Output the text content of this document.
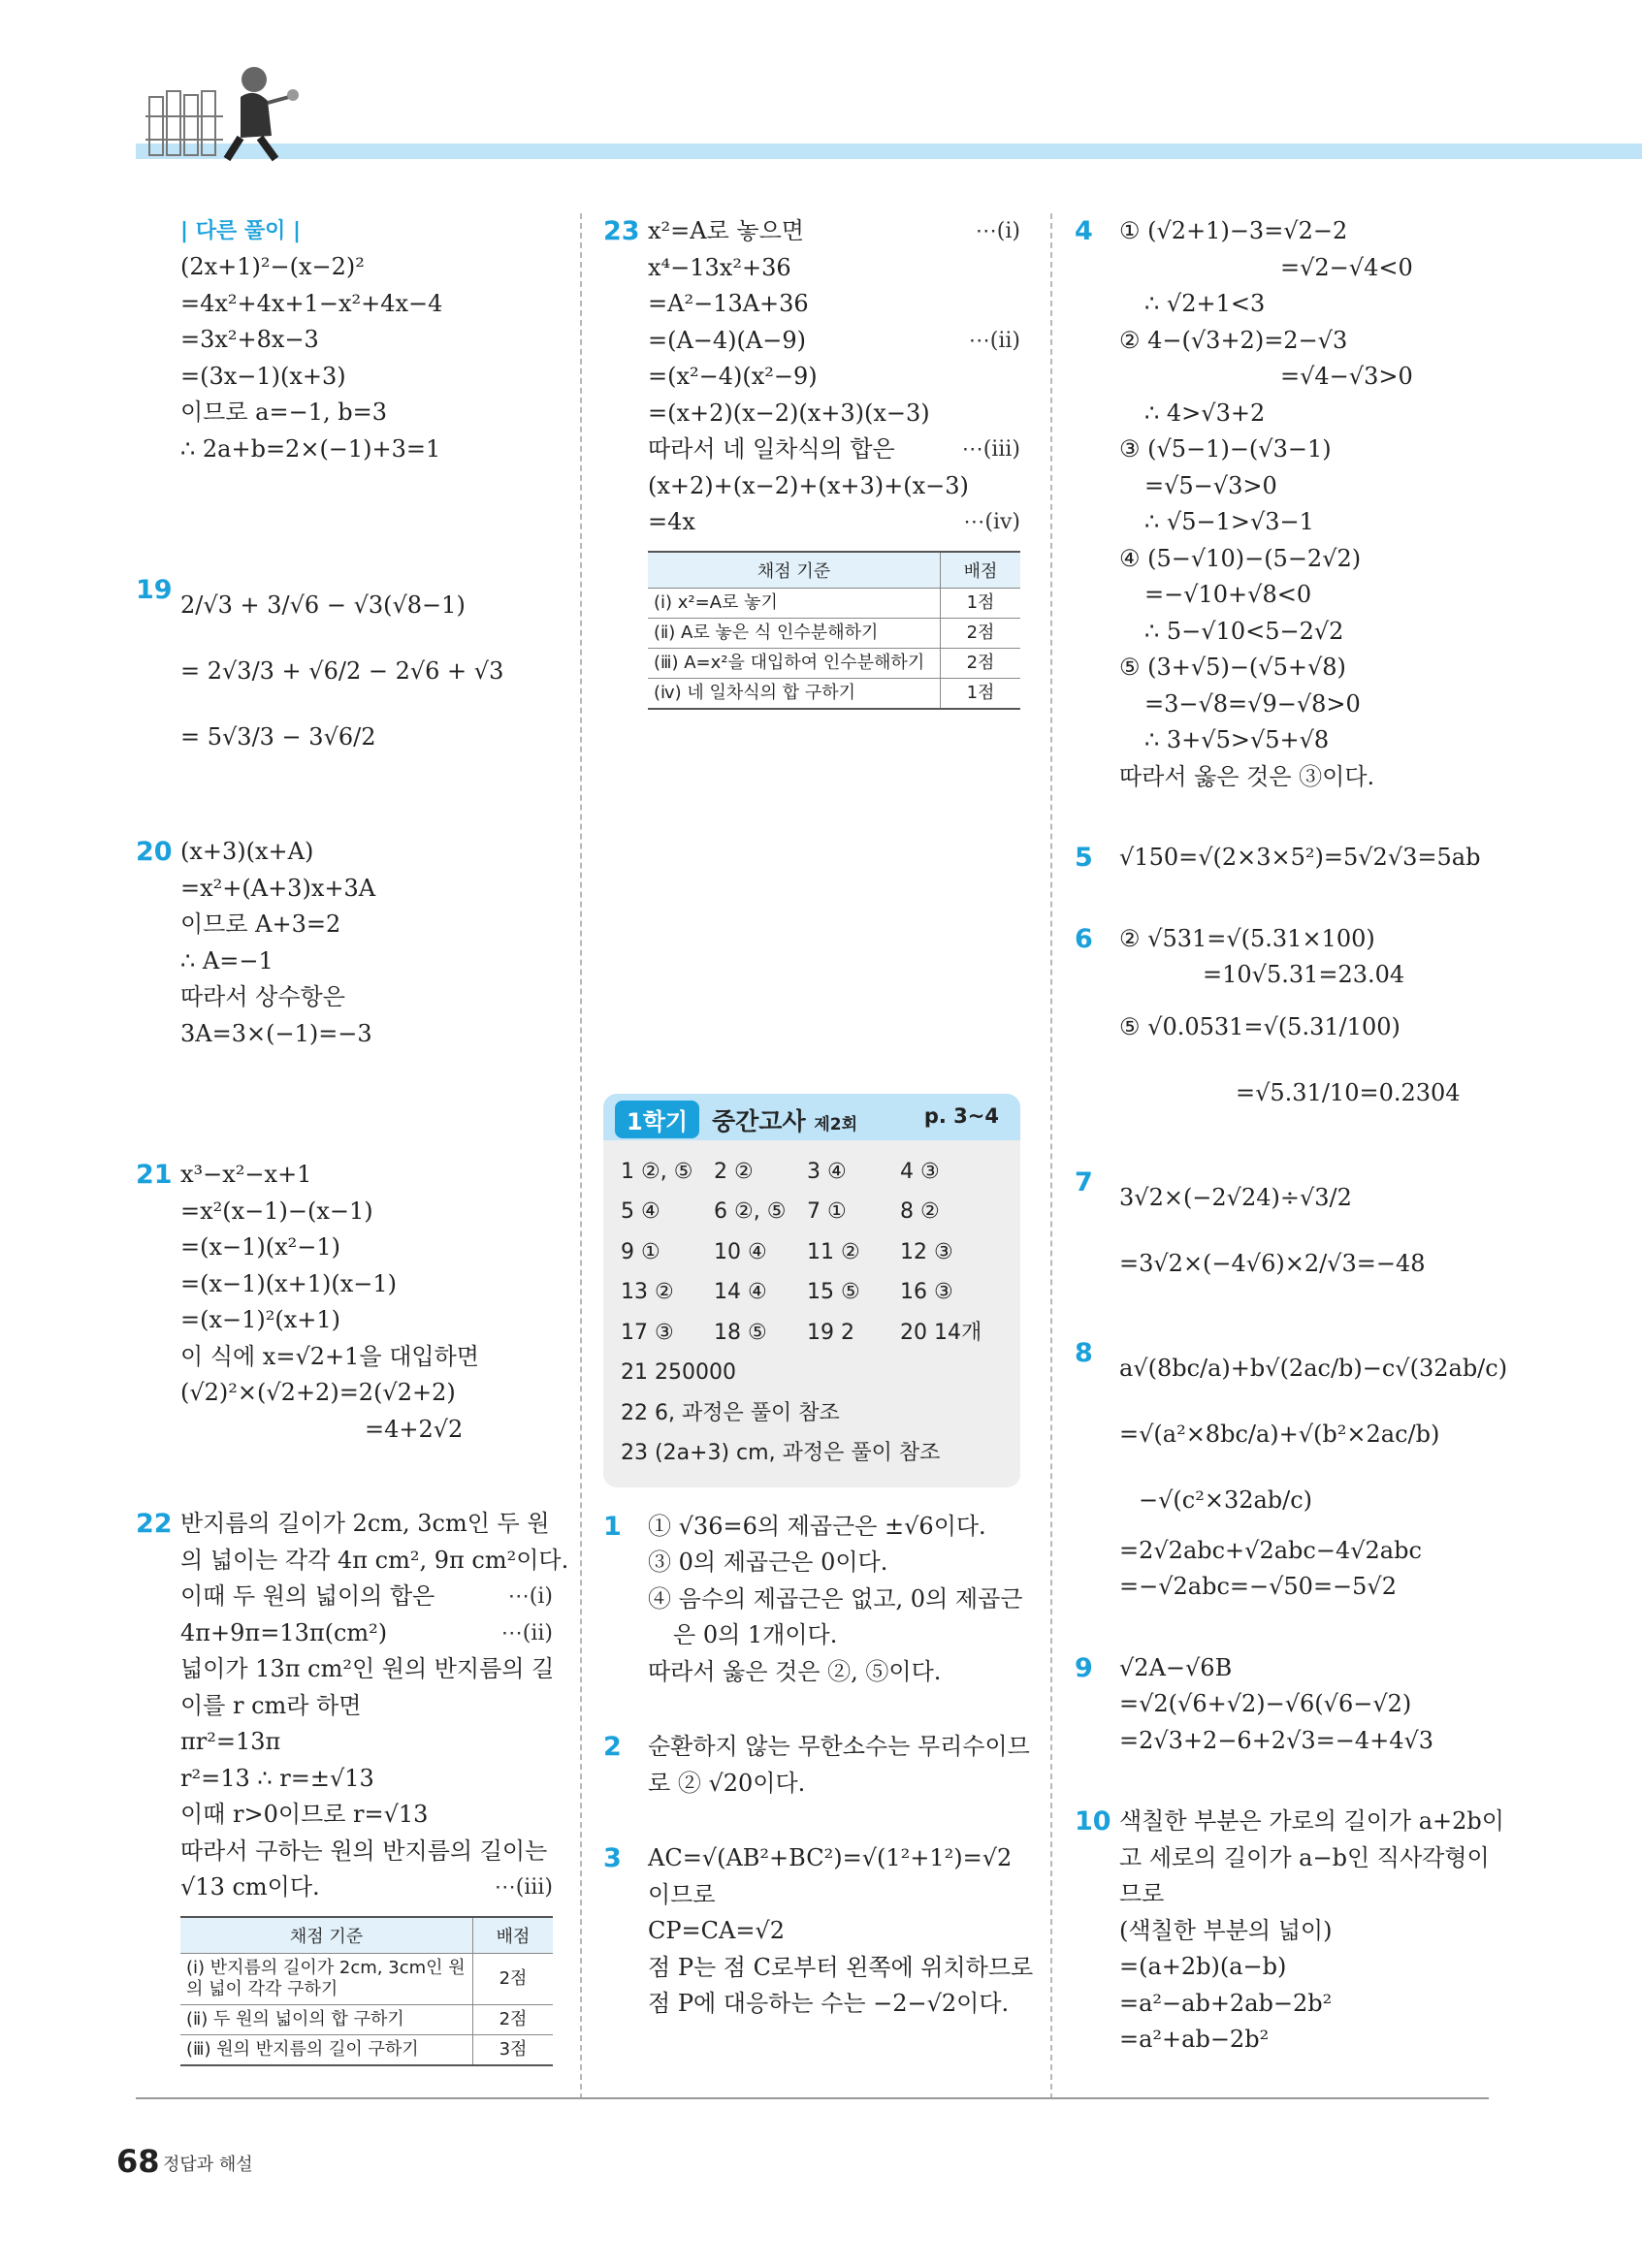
| 다른 풀이 |
(2x+1)²−(x−2)²
=4x²+4x+1−x²+4x−4
=3x²+8x−3
=(3x−1)(x+3)
이므로 a=−1, b=3
∴ 2a+b=2×(−1)+3=1
19 2/√3 + 3/√6 − √3(√8−1)
= 2√3/3 + √6/2 − 2√6 + √3
= 5√3/3 − 3√6/2
20 (x+3)(x+A)
=x²+(A+3)x+3A
이므로 A+3=2
∴ A=−1
따라서 상수항은
3A=3×(−1)=−3
21 x³−x²−x+1
=x²(x−1)−(x−1)
=(x−1)(x²−1)
=(x−1)(x+1)(x−1)
=(x−1)²(x+1)
이 식에 x=√2+1을 대입하면
(√2)²×(√2+2)=2(√2+2)
=4+2√2
22 반지름의 길이가 2cm, 3cm인 두 원
의 넓이는 각각 4π cm², 9π cm²이다.
⋯(ⅰ)
이때 두 원의 넓이의 합은
4π+9π=13π(cm²)	⋯(ⅱ)
넓이가 13π cm²인 원의 반지름의 길
이를 r cm라 하면
πr²=13π
r²=13 ∴ r=±√13
이때 r>0이므로 r=√13
따라서 구하는 원의 반지름의 길이는
√13 cm이다.	⋯(ⅲ)
채점 기준	배점
(ⅰ) 반지름의 길이가 2cm, 3cm인 원의 넓이 각각 구하기	2점
(ⅱ) 두 원의 넓이의 합 구하기	2점
(ⅲ) 원의 반지름의 길이 구하기	3점
23 x²=A로 놓으면	⋯(ⅰ)
x⁴−13x²+36
=A²−13A+36
=(A−4)(A−9)	⋯(ⅱ)
=(x²−4)(x²−9)
=(x+2)(x−2)(x+3)(x−3)
⋯(ⅲ)
따라서 네 일차식의 합은
(x+2)+(x−2)+(x+3)+(x−3)
=4x	⋯(ⅳ)
채점 기준	배점
(ⅰ) x²=A로 놓기	1점
(ⅱ) A로 놓은 식 인수분해하기	2점
(ⅲ) A=x²을 대입하여 인수분해하기	2점
(ⅳ) 네 일차식의 합 구하기	1점
1학기 중간고사 제2회	p. 3~4
1 ②, ⑤ 2 ②	3 ④	4 ③
5 ④	6 ②, ⑤ 7 ①	8 ②
9 ①	10 ④	11 ②	12 ③
13 ②	14 ④	15 ⑤	16 ③
17 ③	18 ⑤	19 2	20 14개
21 250000
22 6, 과정은 풀이 참조
23 (2a+3) cm, 과정은 풀이 참조
1 ① √36=6의 제곱근은 ±√6이다.
③ 0의 제곱근은 0이다.
④ 음수의 제곱근은 없고, 0의 제곱근
은 0의 1개이다.
따라서 옳은 것은 ②, ⑤이다.
2 순환하지 않는 무한소수는 무리수이므
로 ② √20이다.
3 AC=√(AB²+BC²)=√(1²+1²)=√2
이므로
CP=CA=√2
점 P는 점 C로부터 왼쪽에 위치하므로
점 P에 대응하는 수는 −2−√2이다.
4 ① (√2+1)−3=√2−2
=√2−√4<0
∴ √2+1<3
② 4−(√3+2)=2−√3
=√4−√3>0
∴ 4>√3+2
③ (√5−1)−(√3−1)
=√5−√3>0
∴ √5−1>√3−1
④ (5−√10)−(5−2√2)
=−√10+√8<0
∴ 5−√10<5−2√2
⑤ (3+√5)−(√5+√8)
=3−√8=√9−√8>0
∴ 3+√5>√5+√8
따라서 옳은 것은 ③이다.
5 √150=√(2×3×5²)=5√2√3=5ab
6 ② √531=√(5.31×100)
=10√5.31=23.04
⑤ √0.0531=√(5.31/100)
=√5.31/10=0.2304
7 3√2×(−2√24)÷√3/2
=3√2×(−4√6)×2/√3=−48
8 a√(8bc/a)+b√(2ac/b)−c√(32ab/c)
=√(a²×8bc/a)+√(b²×2ac/b)
−√(c²×32ab/c)
=2√2abc+√2abc−4√2abc
=−√2abc=−√50=−5√2
9 √2A−√6B
=√2(√6+√2)−√6(√6−√2)
=2√3+2−6+2√3=−4+4√3
10 색칠한 부분은 가로의 길이가 a+2b이
고 세로의 길이가 a−b인 직사각형이
므로
(색칠한 부분의 넓이)
=(a+2b)(a−b)
=a²−ab+2ab−2b²
=a²+ab−2b²
68 정답과 해설
